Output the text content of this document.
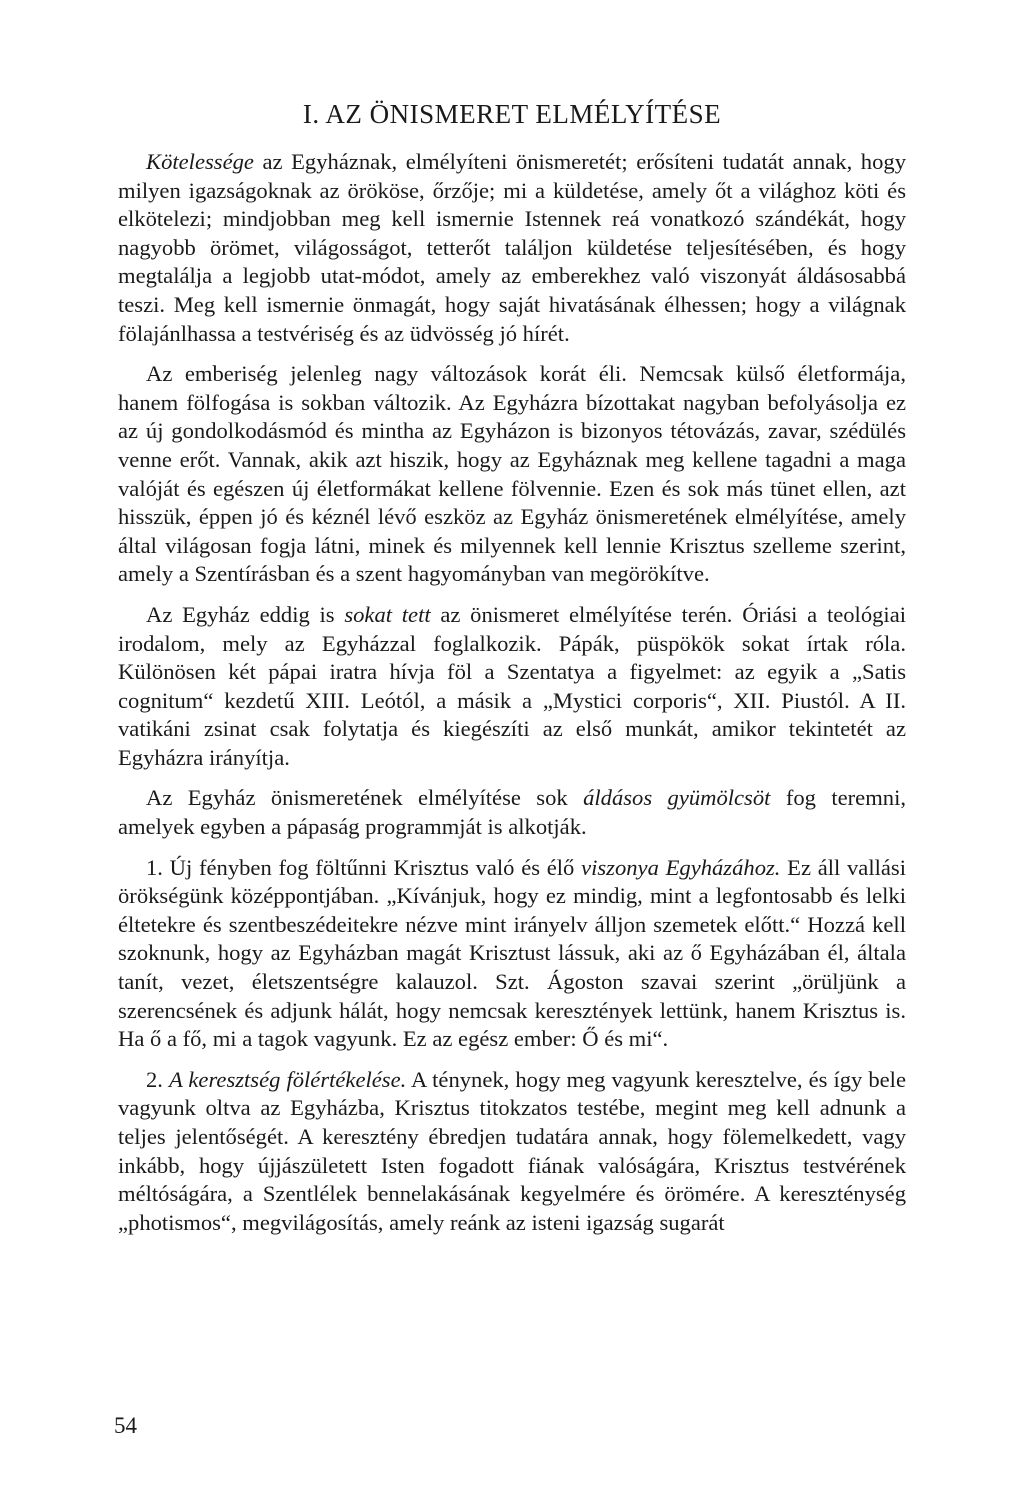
I. AZ ÖNISMERET ELMÉLYÍTÉSE

Kötelessége az Egyháznak, elmélyíteni önismeretét; erősíteni tudatát annak, hogy milyen igazságoknak az örököse, őrzője; mi a küldetése, amely őt a világhoz köti és elkötelezi; mindjobban meg kell ismernie Istennek reá vonatkozó szándékát, hogy nagyobb örömet, világosságot, tetterőt találjon küldetése teljesítésében, és hogy megtalálja a legjobb utat-módot, amely az emberekhez való viszonyát áldásosabbá teszi. Meg kell ismernie önmagát, hogy saját hivatásának élhessen; hogy a világnak fölajánlhassa a testvériség és az üdvösség jó hírét.

Az emberiség jelenleg nagy változások korát éli. Nemcsak külső életformája, hanem fölfogása is sokban változik. Az Egyházra bízottakat nagyban befolyásolja ez az új gondolkodásmód és mintha az Egyházon is bizonyos tétovázás, zavar, szédülés venne erőt. Vannak, akik azt hiszik, hogy az Egyháznak meg kellene tagadni a maga valóját és egészen új életformákat kellene fölvennie. Ezen és sok más tünet ellen, azt hisszük, éppen jó és kéznél lévő eszköz az Egyház önismeretének elmélyítése, amely által világosan fogja látni, minek és milyennek kell lennie Krisztus szelleme szerint, amely a Szentírásban és a szent hagyományban van megörökítve.

Az Egyház eddig is sokat tett az önismeret elmélyítése terén. Óriási a teológiai irodalom, mely az Egyházzal foglalkozik. Pápák, püspökök sokat írtak róla. Különösen két pápai iratra hívja föl a Szentatya a figyelmet: az egyik a „Satis cognitum“ kezdetű XIII. Leótól, a másik a „Mystici corporis“, XII. Piustól. A II. vatikáni zsinat csak folytatja és kiegészíti az első munkát, amikor tekintetét az Egyházra irányítja.

Az Egyház önismeretének elmélyítése sok áldásos gyümölcsöt fog teremni, amelyek egyben a pápaság programmját is alkotják.

1. Új fényben fog föltűnni Krisztus való és élő viszonya Egyházához. Ez áll vallási örökségünk középpontjában. „Kívánjuk, hogy ez mindig, mint a legfontosabb és lelki éltetekre és szentbeszédeitekre nézve mint irányelv álljon szemetek előtt.“ Hozzá kell szoknunk, hogy az Egyházban magát Krisztust lássuk, aki az ő Egyházában él, általa tanít, vezet, életszentségre kalauzol. Szt. Ágoston szavai szerint „örüljünk a szerencsének és adjunk hálát, hogy nemcsak keresztények lettünk, hanem Krisztus is. Ha ő a fő, mi a tagok vagyunk. Ez az egész ember: Ő és mi“.

2. A keresztség fölértékelése. A ténynek, hogy meg vagyunk keresztelve, és így bele vagyunk oltva az Egyházba, Krisztus titokzatos testébe, megint meg kell adnunk a teljes jelentőségét. A keresztény ébredjen tudatára annak, hogy fölemelkedett, vagy inkább, hogy újjászületett Isten fogadott fiának valóságára, Krisztus testvérének méltóságára, a Szentlélek bennelakásának kegyelmére és örömére. A kereszténység „photismos“, megvilágosítás, amely reánk az isteni igazság sugarát

54
